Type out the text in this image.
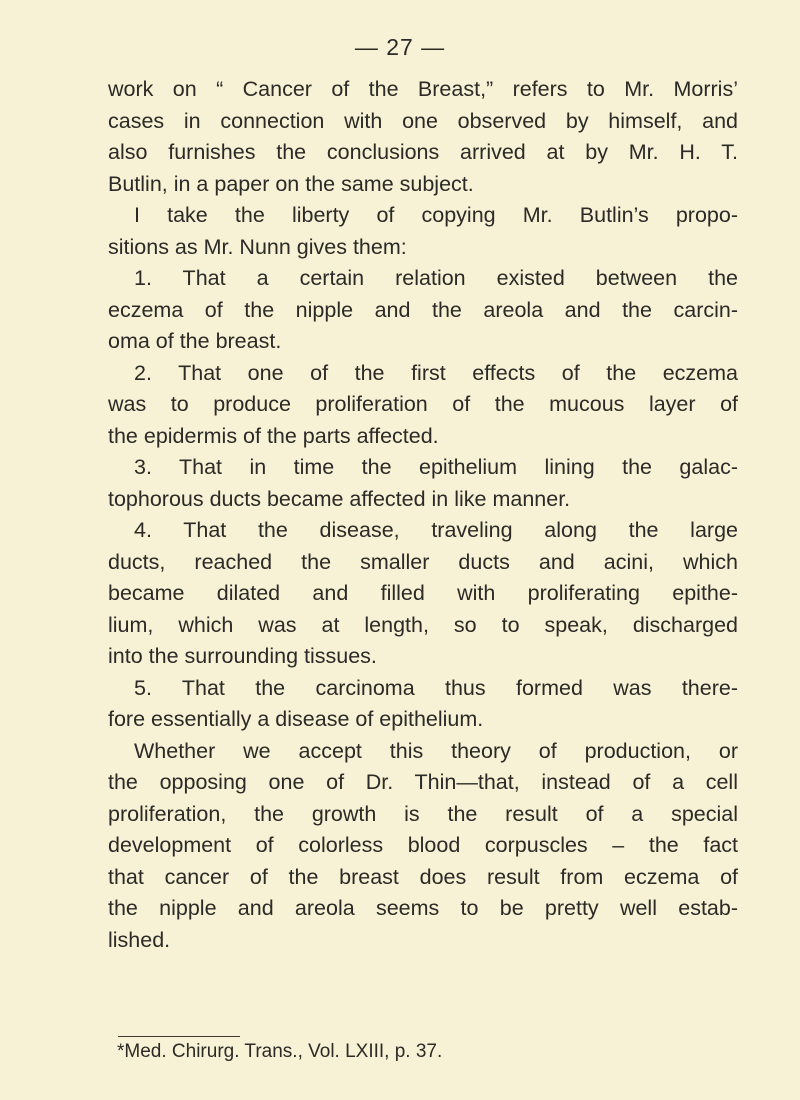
— 27 —
work on “ Cancer of the Breast,” refers to Mr. Morris’
cases in connection with one observed by himself, and
also furnishes the conclusions arrived at by Mr. H. T.
Butlin, in a paper on the same subject.
I take the liberty of copying Mr. Butlin’s propo-
sitions as Mr. Nunn gives them:
1. That a certain relation existed between the
eczema of the nipple and the areola and the carcin-
oma of the breast.
2. That one of the first effects of the eczema
was to produce proliferation of the mucous layer of
the epidermis of the parts affected.
3. That in time the epithelium lining the galac-
tophorous ducts became affected in like manner.
4. That the disease, traveling along the large
ducts, reached the smaller ducts and acini, which
became dilated and filled with proliferating epithe-
lium, which was at length, so to speak, discharged
into the surrounding tissues.
5. That the carcinoma thus formed was there-
fore essentially a disease of epithelium.
Whether we accept this theory of production, or
the opposing one of Dr. Thin—that, instead of a cell
proliferation, the growth is the result of a special
development of colorless blood corpuscles – the fact
that cancer of the breast does result from eczema of
the nipple and areola seems to be pretty well estab-
lished.
*Med. Chirurg. Trans., Vol. LXIII, p. 37.
